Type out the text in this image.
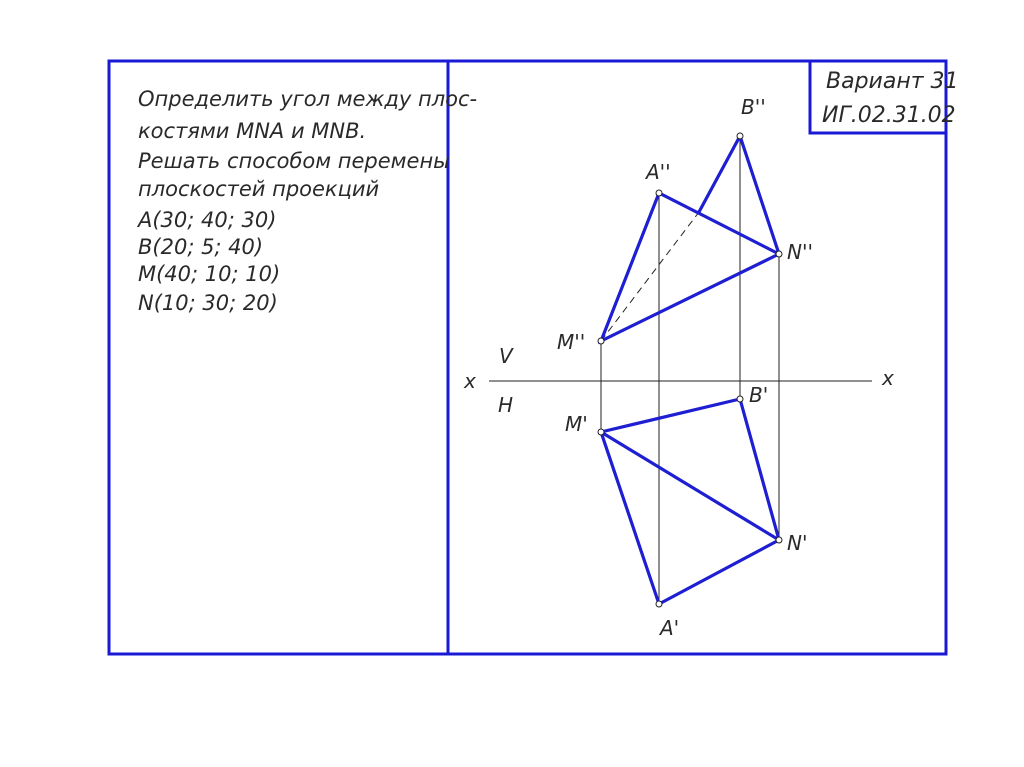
Вариант 31
ИГ.02.31.02
Определить угол между плос-
костями MNA и MNB.
Решать способом перемены
плоскостей проекций
A(30; 40; 30)
B(20; 5; 40)
M(40; 10; 10)
N(10; 30; 20)
x	x
V
H
B''
A''
N''
M''
B'
M'
N'
A'
